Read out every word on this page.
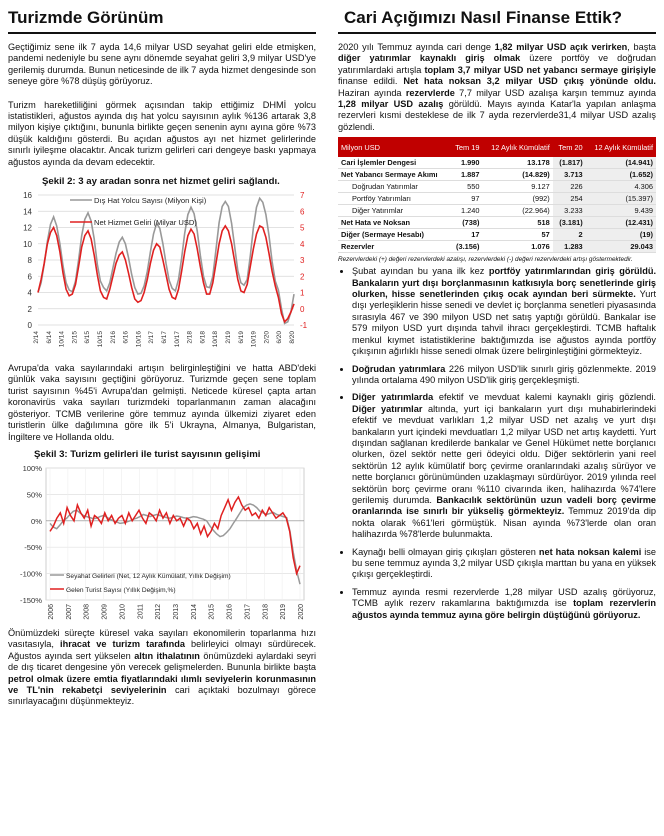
Turizmde Görünüm

Geçtiğimiz sene ilk 7 ayda 14,6 milyar USD seyahat geliri elde etmişken, pandemi nedeniyle bu sene aynı dönemde seyahat geliri 3,9 milyar USD'ye gerilemiş durumda. Bunun neticesinde de ilk 7 ayda hizmet dengesinde son seneye göre %78 düşüş görüyoruz.

Turizm hareketliliğini görmek açısından takip ettiğimiz DHMİ yolcu istatistikleri, ağustos ayında dış hat yolcu sayısının aylık %136 artarak 3,8 milyon kişiye çıktığını, bununla birlikte geçen senenin aynı ayına göre %73 düşük kaldığını gösterdi. Bu açıdan ağustos ayı net hizmet gelirlerinde sınırlı iyileşme olacaktır. Ancak turizm gelirleri cari dengeye baskı yapmaya ağustos ayında da devam edecektir.

Şekil 2: 3 ay aradan sonra net hizmet geliri sağlandı.
16
14
12
10
8
6
4
2
0
7
6
5
4
3
2
1
0
-1
2/14 6/14 10/14 2/15 6/15 10/15 2/16 6/16 10/16 2/17 6/17 10/17 2/18 6/18 10/18 2/19 6/19 10/19 2/20 6/20 8/20
Dış Hat Yolcu Sayısı (Milyon Kişi)
Net Hizmet Geliri (Milyar USD)

Avrupa'da vaka sayılarındaki artışın belirginleştiğini ve hatta ABD'deki günlük vaka sayısını geçtiğini görüyoruz. Turizmde geçen sene toplam turist sayısının %45'i Avrupa'dan gelmişti. Neticede küresel çapta artan koronavirüs vaka sayıları turizmdeki toparlanmanın zaman alacağını gösteriyor. TCMB verilerine göre temmuz ayında ülkemizi ziyaret eden turistlerin ülke dağılımına göre ilk 5'i Ukrayna, Almanya, Bulgaristan, İngiltere ve Hollanda oldu.

Şekil 3: Turizm gelirleri ile turist sayısının gelişimi
100%
50%
0%
-50%
-100%
-150%
2006 2007 2008 2009 2010 2011 2012 2013 2014 2015 2016 2017 2018 2019 2020
Seyahat Gelirleri (Net, 12 Aylık Kümülatif, Yıllık Değişim)
Gelen Turist Sayısı (Yıllık Değişim,%)

Önümüzdeki süreçte küresel vaka sayıları ekonomilerin toparlanma hızı vasıtasıyla, ihracat ve turizm tarafında belirleyici olmayı sürdürecek. Ağustos ayında sert yükselen altın ithalatının önümüzdeki aylardaki seyri de dış ticaret dengesine yön verecek gelişmelerden. Bununla birlikte başta petrol olmak üzere emtia fiyatlarındaki ılımlı seviyelerin korunmasının ve TL'nin rekabetçi seviyelerinin cari açıktaki bozulmayı görece sınırlayacağını düşünmekteyiz.

Cari Açığımızı Nasıl Finanse Ettik?

2020 yılı Temmuz ayında cari denge 1,82 milyar USD açık verirken, başta diğer yatırımlar kaynaklı giriş olmak üzere portföy ve doğrudan yatırımlardaki artışla toplam 3,7 milyar USD net yabancı sermaye girişiyle finanse edildi. Net hata noksan 3,2 milyar USD çıkış yönünde oldu. Haziran ayında rezervlerde 7,7 milyar USD azalışa karşın temmuz ayında 1,28 milyar USD azalış görüldü. Mayıs ayında Katar'la yapılan anlaşma rezervleri kısmi desteklese de ilk 7 ayda rezervlerde31,4 milyar USD azalış gözlendi.

Milyon USD	Tem 19	12 Aylık Kümülatif	Tem 20	12 Aylık Kümülatif
Cari İşlemler Dengesi	1.990	13.178	(1.817)	(14.941)
Net Yabancı Sermaye Akımı	1.887	(14.829)	3.713	(1.652)
Doğrudan Yatırımlar	550	9.127	226	4.306
Portföy Yatırımları	97	(992)	254	(15.397)
Diğer Yatırımlar	1.240	(22.964)	3.233	9.439
Net Hata ve Noksan	(738)	518	(3.181)	(12.431)
Diğer (Sermaye Hesabı)	17	57	2	(19)
Rezervler	(3.156)	1.076	1.283	29.043
Rezervlerdeki (+) değeri rezervlerdeki azalışı, rezervlerdeki (-) değeri rezervlerdeki artışı göstermektedir.
• Şubat ayından bu yana ilk kez portföy yatırımlarından giriş görüldü. Bankaların yurt dışı borçlanmasının katkısıyla borç senetlerinde giriş olurken, hisse senetlerinden çıkış ocak ayından beri sürmekte. Yurt dışı yerleşiklerin hisse senedi ve devlet iç borçlanma senetleri piyasasında sırasıyla 467 ve 390 milyon USD net satış yaptığı görüldü. Bankalar ise 579 milyon USD yurt dışında tahvil ihracı gerçekleştirdi. TCMB haftalık menkul kıymet istatistiklerine baktığımızda ise ağustos ayında portföy çıkışının ağırlıklı hisse senedi olmak üzere belirginleştiğini görmekteyiz.
• Doğrudan yatırımlara 226 milyon USD'lik sınırlı giriş gözlenmekte. 2019 yılında ortalama 490 milyon USD'lik giriş gerçekleşmişti.
• Diğer yatırımlarda efektif ve mevduat kalemi kaynaklı giriş gözlendi. Diğer yatırımlar altında, yurt içi bankaların yurt dışı muhabirlerindeki efektif ve mevduat varlıkları 1,2 milyar USD net azalış ve yurt dışı bankaların yurt içindeki mevduatları 1,2 milyar USD net artış kaydetti. Yurt dışından sağlanan kredilerde bankalar ve Genel Hükümet nette borçlanıcı olurken, özel sektör nette geri ödeyici oldu. Diğer sektörlerin yani reel sektörün 12 aylık kümülatif borç çevirme oranlarındaki azalış sürüyor ve nette borçlanıcı görünümünden uzaklaşmayı sürdürüyor. 2019 yılında reel sektörün borç çevirme oranı %110 civarında iken, halihazırda %74'lere gerilemiş durumda. Bankacılık sektörünün uzun vadeli borç çevirme oranlarında ise sınırlı bir yükseliş görmekteyiz. Temmuz 2019'da dip nokta olarak %61'leri görmüştük. Nisan ayında %73'lerde olan oran halihazırda %78'lerde bulunmakta.
• Kaynağı belli olmayan giriş çıkışları gösteren net hata noksan kalemi ise bu sene temmuz ayında 3,2 milyar USD çıkışla marttan bu yana en yüksek çıkışı gerçekleştirdi.
• Temmuz ayında resmi rezervlerde 1,28 milyar USD azalış görüyoruz, TCMB aylık rezerv rakamlarına baktığımızda ise toplam rezervlerin ağustos ayında temmuz ayına göre belirgin düştüğünü görüyoruz.
